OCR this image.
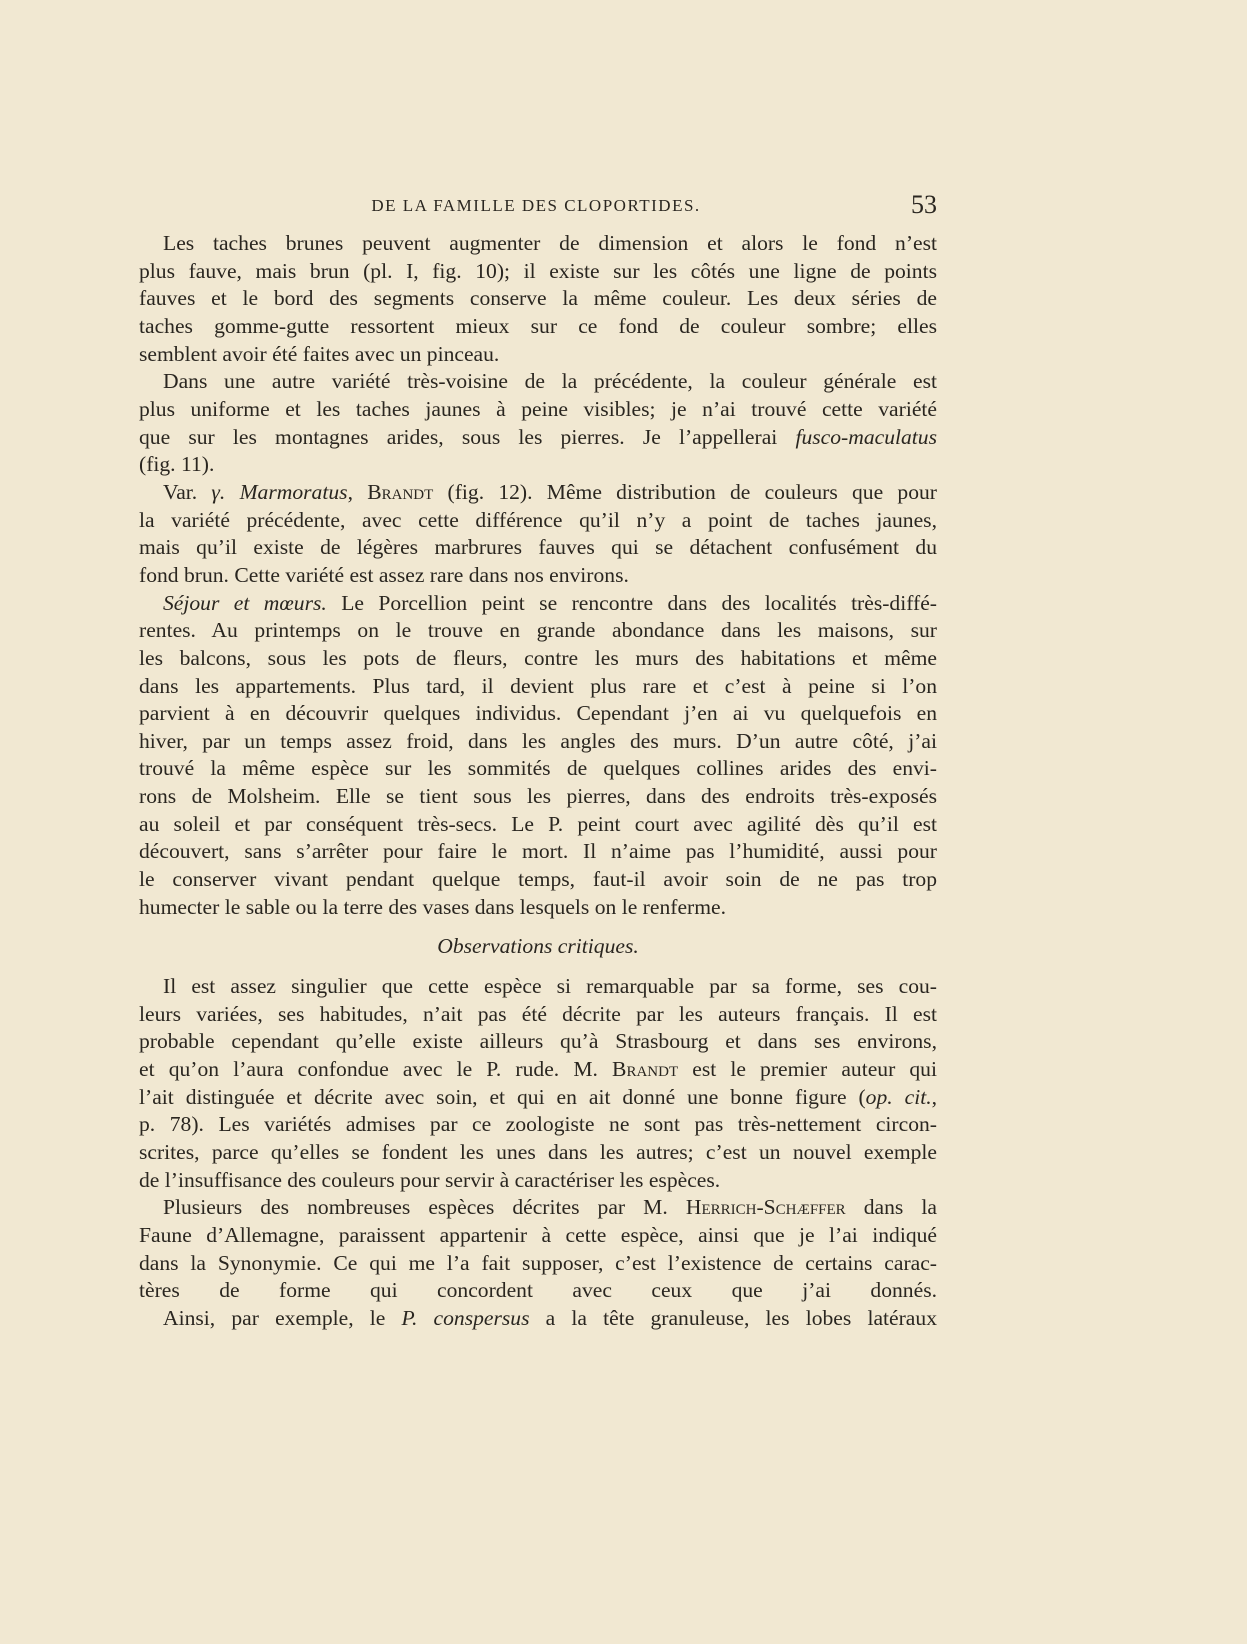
DE LA FAMILLE DES CLOPORTIDES.	53
Les taches brunes peuvent augmenter de dimension et alors le fond n’est
plus fauve, mais brun (pl. I, fig. 10); il existe sur les côtés une ligne de points
fauves et le bord des segments conserve la même couleur. Les deux séries de
taches gomme-gutte ressortent mieux sur ce fond de couleur sombre; elles
semblent avoir été faites avec un pinceau.
Dans une autre variété très-voisine de la précédente, la couleur générale est
plus uniforme et les taches jaunes à peine visibles; je n’ai trouvé cette variété
que sur les montagnes arides, sous les pierres. Je l’appellerai fusco-maculatus
(fig. 11).
Var. γ. Marmoratus, Brandt (fig. 12). Même distribution de couleurs que pour
la variété précédente, avec cette différence qu’il n’y a point de taches jaunes,
mais qu’il existe de légères marbrures fauves qui se détachent confusément du
fond brun. Cette variété est assez rare dans nos environs.
Séjour et mœurs. Le Porcellion peint se rencontre dans des localités très-diffé-
rentes. Au printemps on le trouve en grande abondance dans les maisons, sur
les balcons, sous les pots de fleurs, contre les murs des habitations et même
dans les appartements. Plus tard, il devient plus rare et c’est à peine si l’on
parvient à en découvrir quelques individus. Cependant j’en ai vu quelquefois en
hiver, par un temps assez froid, dans les angles des murs. D’un autre côté, j’ai
trouvé la même espèce sur les sommités de quelques collines arides des envi-
rons de Molsheim. Elle se tient sous les pierres, dans des endroits très-exposés
au soleil et par conséquent très-secs. Le P. peint court avec agilité dès qu’il est
découvert, sans s’arrêter pour faire le mort. Il n’aime pas l’humidité, aussi pour
le conserver vivant pendant quelque temps, faut-il avoir soin de ne pas trop
humecter le sable ou la terre des vases dans lesquels on le renferme.
Observations critiques.
Il est assez singulier que cette espèce si remarquable par sa forme, ses cou-
leurs variées, ses habitudes, n’ait pas été décrite par les auteurs français. Il est
probable cependant qu’elle existe ailleurs qu’à Strasbourg et dans ses environs,
et qu’on l’aura confondue avec le P. rude. M. Brandt est le premier auteur qui
l’ait distinguée et décrite avec soin, et qui en ait donné une bonne figure (op. cit.,
p. 78). Les variétés admises par ce zoologiste ne sont pas très-nettement circon-
scrites, parce qu’elles se fondent les unes dans les autres; c’est un nouvel exemple
de l’insuffisance des couleurs pour servir à caractériser les espèces.
Plusieurs des nombreuses espèces décrites par M. Herrich-Schæffer dans la
Faune d’Allemagne, paraissent appartenir à cette espèce, ainsi que je l’ai indiqué
dans la Synonymie. Ce qui me l’a fait supposer, c’est l’existence de certains carac-
tères de forme qui concordent avec ceux que j’ai donnés.
Ainsi, par exemple, le P. conspersus a la tête granuleuse, les lobes latéraux
